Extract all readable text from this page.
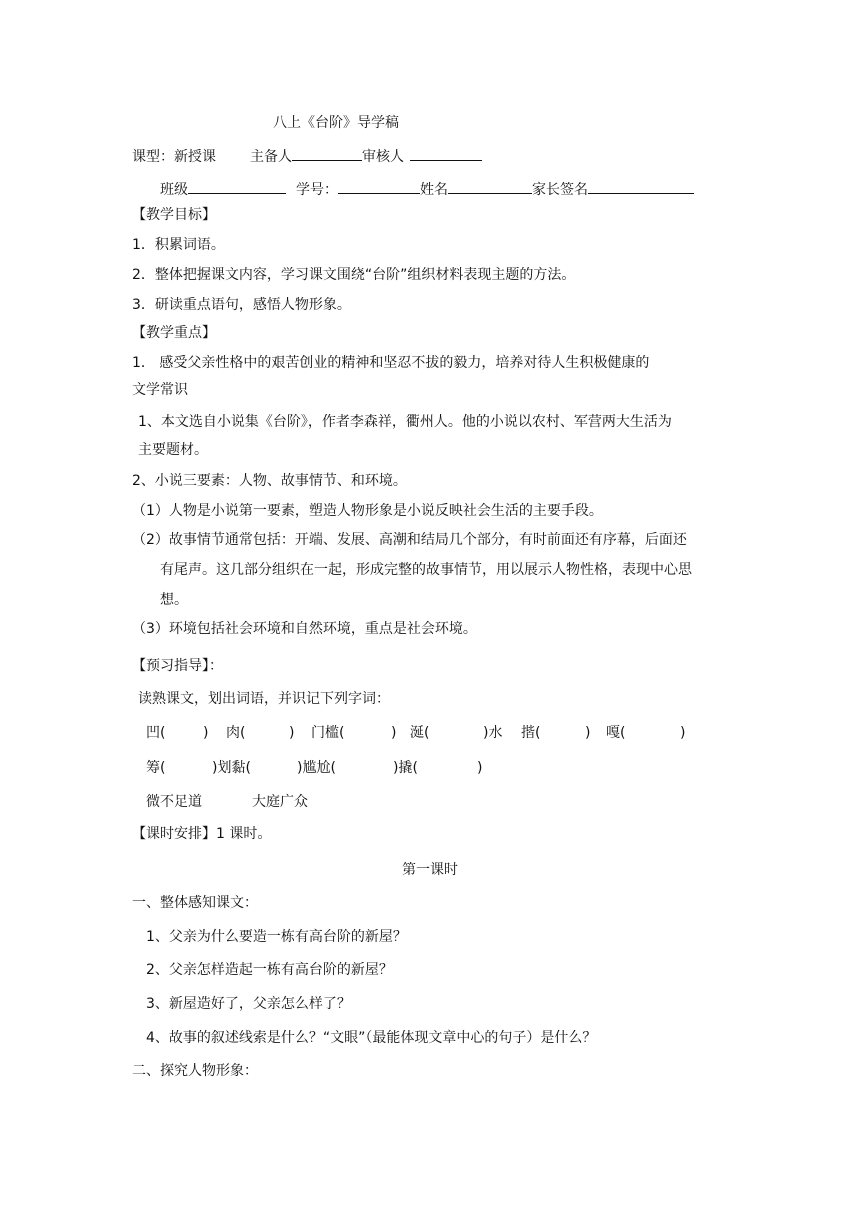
八上《台阶》导学稿
课型：新授课 主备人	审核人
班级	学号：	姓名	家长签名
【教学目标】
1．积累词语。
2．整体把握课文内容，学习课文围绕“台阶”组织材料表现主题的方法。
3．研读重点语句，感悟人物形象。
【教学重点】
1． 感受父亲性格中的艰苦创业的精神和坚忍不拔的毅力，培养对待人生积极健康的
文学常识
1、本文选自小说集《台阶》，作者李森祥，衢州人。他的小说以农村、军营两大生活为
主要题材。
2、小说三要素：人物、故事情节、和环境。
（1）人物是小说第一要素，塑造人物形象是小说反映社会生活的主要手段。
（2）故事情节通常包括：开端、发展、高潮和结局几个部分，有时前面还有序幕，后面还
有尾声。这几部分组织在一起，形成完整的故事情节，用以展示人物性格，表现中心思
想。
（3）环境包括社会环境和自然环境，重点是社会环境。
【预习指导】：
读熟课文，划出词语，并识记下列字词：
凹(	) 肉(	) 门槛(	) 涎(	)水 揩(	) 嘎(	)
筹(	)划黏(	)尴尬(	)撬(	)
微不足道	大庭广众
【课时安排】1 课时。
第一课时
一、整体感知课文：
1、父亲为什么要造一栋有高台阶的新屋？
2、父亲怎样造起一栋有高台阶的新屋？
3、新屋造好了，父亲怎么样了？
4、故事的叙述线索是什么？“文眼”（最能体现文章中心的句子）是什么？
二、探究人物形象：
